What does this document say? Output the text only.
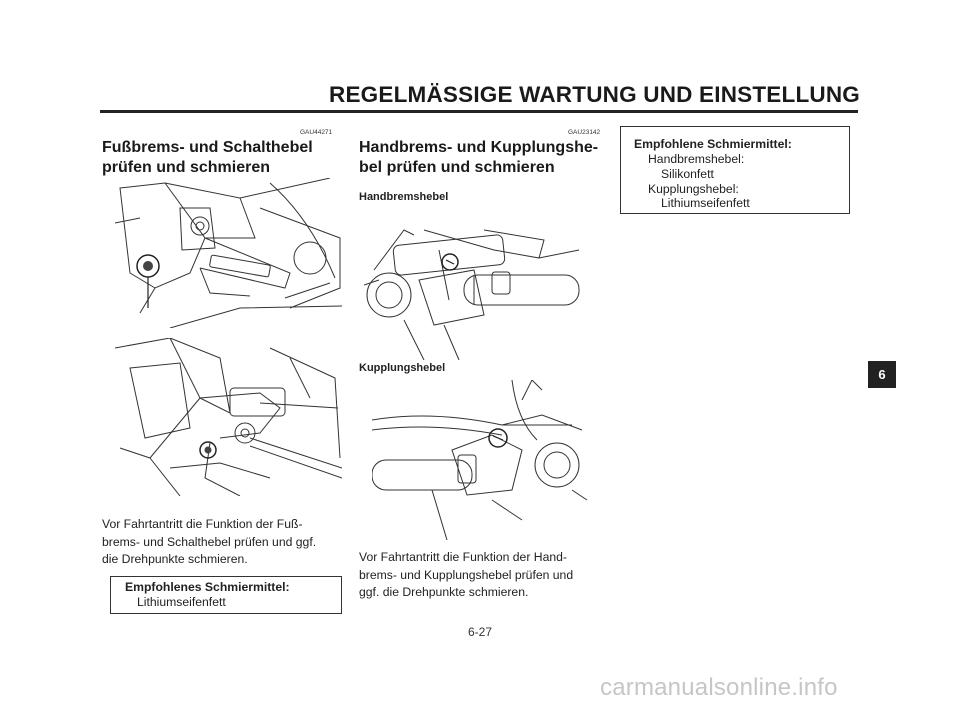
REGELMÄSSIGE WARTUNG UND EINSTELLUNG
GAU44271
Fußbrems- und Schalthebel
prüfen und schmieren
Vor Fahrtantritt die Funktion der Fuß-
brems- und Schalthebel prüfen und ggf.
die Drehpunkte schmieren.
Empfohlenes Schmiermittel:
Lithiumseifenfett
GAU23142
Handbrems- und Kupplungshe-
bel prüfen und schmieren
Handbremshebel
Kupplungshebel
Vor Fahrtantritt die Funktion der Hand-
brems- und Kupplungshebel prüfen und
ggf. die Drehpunkte schmieren.
Empfohlene Schmiermittel:
Handbremshebel:
Silikonfett
Kupplungshebel:
Lithiumseifenfett
6
6-27
carmanualsonline.info
